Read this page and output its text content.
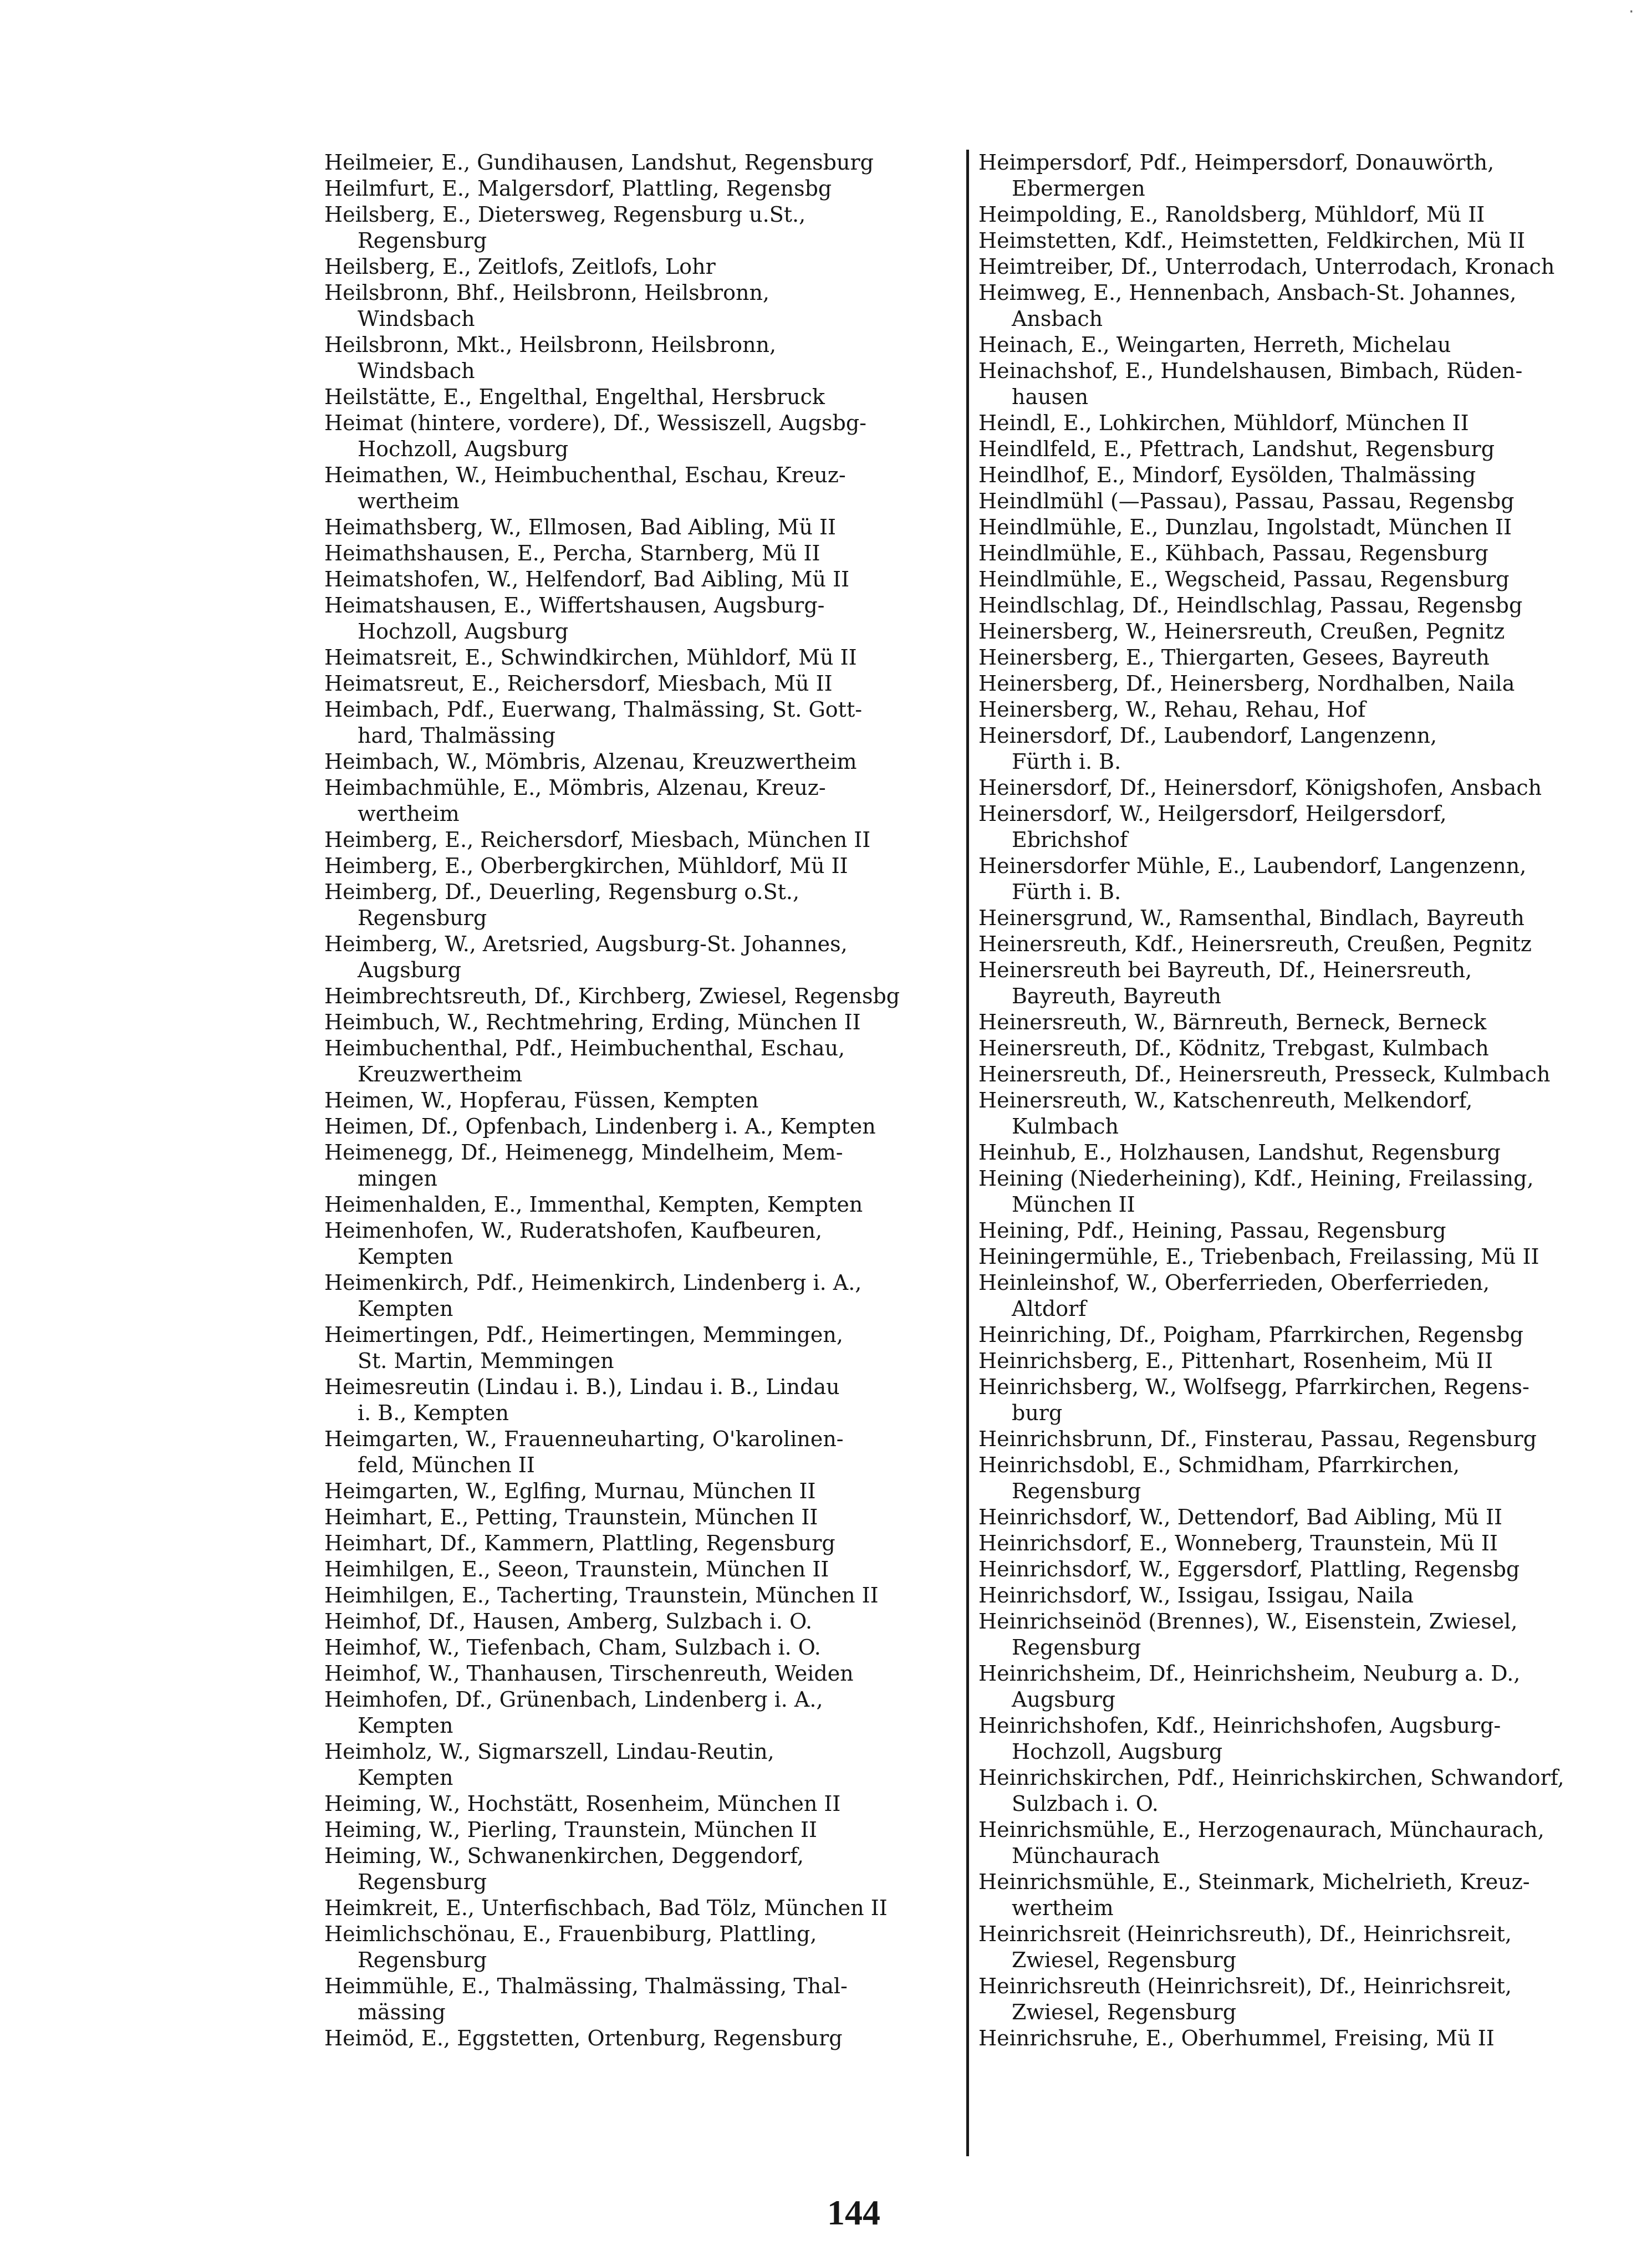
Heilmeier, E., Gundihausen, Landshut, Regensburg
Heilmfurt, E., Malgersdorf, Plattling, Regensbg
Heilsberg, E., Dietersweg, Regensburg u.St.,
Regensburg
Heilsberg, E., Zeitlofs, Zeitlofs, Lohr
Heilsbronn, Bhf., Heilsbronn, Heilsbronn,
Windsbach
Heilsbronn, Mkt., Heilsbronn, Heilsbronn,
Windsbach
Heilstätte, E., Engelthal, Engelthal, Hersbruck
Heimat (hintere, vordere), Df., Wessiszell, Augsbg-
Hochzoll, Augsburg
Heimathen, W., Heimbuchenthal, Eschau, Kreuz-
wertheim
Heimathsberg, W., Ellmosen, Bad Aibling, Mü II
Heimathshausen, E., Percha, Starnberg, Mü II
Heimatshofen, W., Helfendorf, Bad Aibling, Mü II
Heimatshausen, E., Wiffertshausen, Augsburg-
Hochzoll, Augsburg
Heimatsreit, E., Schwindkirchen, Mühldorf, Mü II
Heimatsreut, E., Reichersdorf, Miesbach, Mü II
Heimbach, Pdf., Euerwang, Thalmässing, St. Gott-
hard, Thalmässing
Heimbach, W., Mömbris, Alzenau, Kreuzwertheim
Heimbachmühle, E., Mömbris, Alzenau, Kreuz-
wertheim
Heimberg, E., Reichersdorf, Miesbach, München II
Heimberg, E., Oberbergkirchen, Mühldorf, Mü II
Heimberg, Df., Deuerling, Regensburg o.St.,
Regensburg
Heimberg, W., Aretsried, Augsburg-St. Johannes,
Augsburg
Heimbrechtsreuth, Df., Kirchberg, Zwiesel, Regensbg
Heimbuch, W., Rechtmehring, Erding, München II
Heimbuchenthal, Pdf., Heimbuchenthal, Eschau,
Kreuzwertheim
Heimen, W., Hopferau, Füssen, Kempten
Heimen, Df., Opfenbach, Lindenberg i. A., Kempten
Heimenegg, Df., Heimenegg, Mindelheim, Mem-
mingen
Heimenhalden, E., Immenthal, Kempten, Kempten
Heimenhofen, W., Ruderatshofen, Kaufbeuren,
Kempten
Heimenkirch, Pdf., Heimenkirch, Lindenberg i. A.,
Kempten
Heimertingen, Pdf., Heimertingen, Memmingen,
St. Martin, Memmingen
Heimesreutin (Lindau i. B.), Lindau i. B., Lindau
i. B., Kempten
Heimgarten, W., Frauenneuharting, O'karolinen-
feld, München II
Heimgarten, W., Eglfing, Murnau, München II
Heimhart, E., Petting, Traunstein, München II
Heimhart, Df., Kammern, Plattling, Regensburg
Heimhilgen, E., Seeon, Traunstein, München II
Heimhilgen, E., Tacherting, Traunstein, München II
Heimhof, Df., Hausen, Amberg, Sulzbach i. O.
Heimhof, W., Tiefenbach, Cham, Sulzbach i. O.
Heimhof, W., Thanhausen, Tirschenreuth, Weiden
Heimhofen, Df., Grünenbach, Lindenberg i. A.,
Kempten
Heimholz, W., Sigmarszell, Lindau-Reutin,
Kempten
Heiming, W., Hochstätt, Rosenheim, München II
Heiming, W., Pierling, Traunstein, München II
Heiming, W., Schwanenkirchen, Deggendorf,
Regensburg
Heimkreit, E., Unterfischbach, Bad Tölz, München II
Heimlichschönau, E., Frauenbiburg, Plattling,
Regensburg
Heimmühle, E., Thalmässing, Thalmässing, Thal-
mässing
Heimöd, E., Eggstetten, Ortenburg, Regensburg
Heimpersdorf, Pdf., Heimpersdorf, Donauwörth,
Ebermergen
Heimpolding, E., Ranoldsberg, Mühldorf, Mü II
Heimstetten, Kdf., Heimstetten, Feldkirchen, Mü II
Heimtreiber, Df., Unterrodach, Unterrodach, Kronach
Heimweg, E., Hennenbach, Ansbach-St. Johannes,
Ansbach
Heinach, E., Weingarten, Herreth, Michelau
Heinachshof, E., Hundelshausen, Bimbach, Rüden-
hausen
Heindl, E., Lohkirchen, Mühldorf, München II
Heindlfeld, E., Pfettrach, Landshut, Regensburg
Heindlhof, E., Mindorf, Eysölden, Thalmässing
Heindlmühl (—Passau), Passau, Passau, Regensbg
Heindlmühle, E., Dunzlau, Ingolstadt, München II
Heindlmühle, E., Kühbach, Passau, Regensburg
Heindlmühle, E., Wegscheid, Passau, Regensburg
Heindlschlag, Df., Heindlschlag, Passau, Regensbg
Heinersberg, W., Heinersreuth, Creußen, Pegnitz
Heinersberg, E., Thiergarten, Gesees, Bayreuth
Heinersberg, Df., Heinersberg, Nordhalben, Naila
Heinersberg, W., Rehau, Rehau, Hof
Heinersdorf, Df., Laubendorf, Langenzenn,
Fürth i. B.
Heinersdorf, Df., Heinersdorf, Königshofen, Ansbach
Heinersdorf, W., Heilgersdorf, Heilgersdorf,
Ebrichshof
Heinersdorfer Mühle, E., Laubendorf, Langenzenn,
Fürth i. B.
Heinersgrund, W., Ramsenthal, Bindlach, Bayreuth
Heinersreuth, Kdf., Heinersreuth, Creußen, Pegnitz
Heinersreuth bei Bayreuth, Df., Heinersreuth,
Bayreuth, Bayreuth
Heinersreuth, W., Bärnreuth, Berneck, Berneck
Heinersreuth, Df., Ködnitz, Trebgast, Kulmbach
Heinersreuth, Df., Heinersreuth, Presseck, Kulmbach
Heinersreuth, W., Katschenreuth, Melkendorf,
Kulmbach
Heinhub, E., Holzhausen, Landshut, Regensburg
Heining (Niederheining), Kdf., Heining, Freilassing,
München II
Heining, Pdf., Heining, Passau, Regensburg
Heiningermühle, E., Triebenbach, Freilassing, Mü II
Heinleinshof, W., Oberferrieden, Oberferrieden,
Altdorf
Heinriching, Df., Poigham, Pfarrkirchen, Regensbg
Heinrichsberg, E., Pittenhart, Rosenheim, Mü II
Heinrichsberg, W., Wolfsegg, Pfarrkirchen, Regens-
burg
Heinrichsbrunn, Df., Finsterau, Passau, Regensburg
Heinrichsdobl, E., Schmidham, Pfarrkirchen,
Regensburg
Heinrichsdorf, W., Dettendorf, Bad Aibling, Mü II
Heinrichsdorf, E., Wonneberg, Traunstein, Mü II
Heinrichsdorf, W., Eggersdorf, Plattling, Regensbg
Heinrichsdorf, W., Issigau, Issigau, Naila
Heinrichseinöd (Brennes), W., Eisenstein, Zwiesel,
Regensburg
Heinrichsheim, Df., Heinrichsheim, Neuburg a. D.,
Augsburg
Heinrichshofen, Kdf., Heinrichshofen, Augsburg-
Hochzoll, Augsburg
Heinrichskirchen, Pdf., Heinrichskirchen, Schwandorf,
Sulzbach i. O.
Heinrichsmühle, E., Herzogenaurach, Münchaurach,
Münchaurach
Heinrichsmühle, E., Steinmark, Michelrieth, Kreuz-
wertheim
Heinrichsreit (Heinrichsreuth), Df., Heinrichsreit,
Zwiesel, Regensburg
Heinrichsreuth (Heinrichsreit), Df., Heinrichsreit,
Zwiesel, Regensburg
Heinrichsruhe, E., Oberhummel, Freising, Mü II
144
·
